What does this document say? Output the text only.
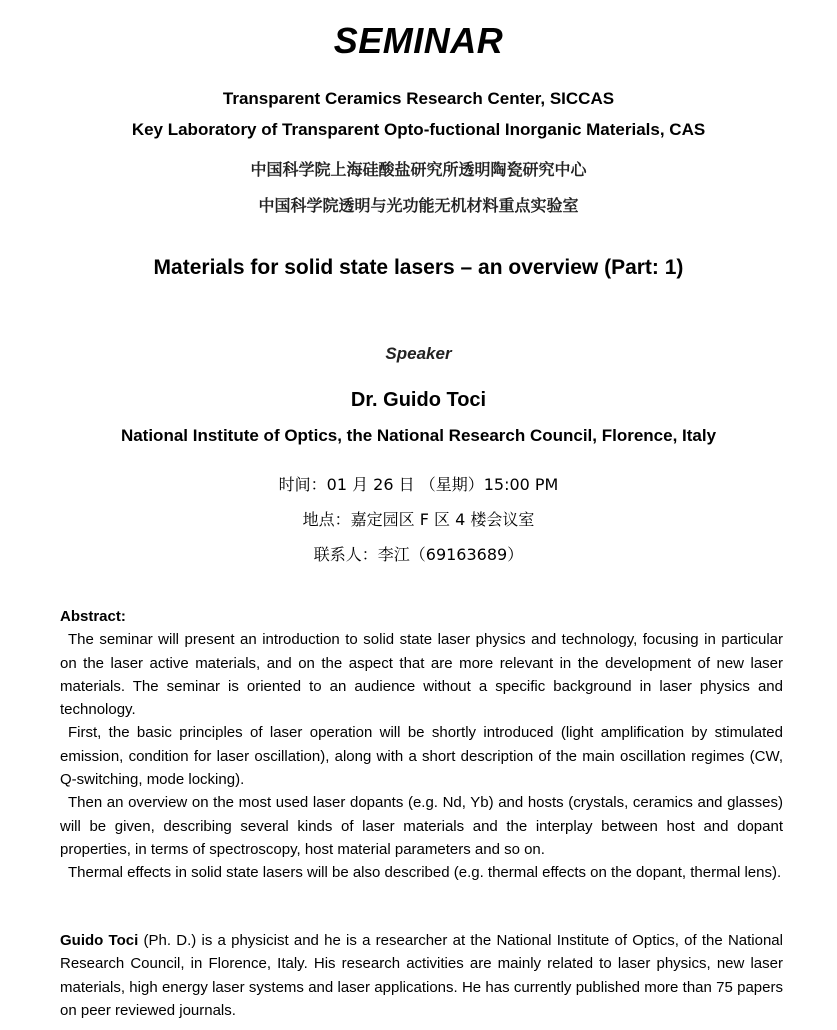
SEMINAR
Transparent Ceramics Research Center, SICCAS
Key Laboratory of Transparent Opto-fuctional Inorganic Materials, CAS
中国科学院上海硅酸盐研究所透明陶瓷研究中心
中国科学院透明与光功能无机材料重点实验室
Materials for solid state lasers – an overview (Part: 1)
Speaker
Dr. Guido Toci
National Institute of Optics, the National Research Council, Florence, Italy
时间：01 月 26 日 （星期）15:00 PM
地点：嘉定园区 F 区 4 楼会议室
联系人：李江（69163689）
Abstract:

The seminar will present an introduction to solid state laser physics and technology, focusing in particular on the laser active materials, and on the aspect that are more relevant in the development of new laser materials. The seminar is oriented to an audience without a specific background in laser physics and technology.

First, the basic principles of laser operation will be shortly introduced (light amplification by stimulated emission, condition for laser oscillation), along with a short description of the main oscillation regimes (CW, Q-switching, mode locking).

Then an overview on the most used laser dopants (e.g. Nd, Yb) and hosts (crystals, ceramics and glasses) will be given, describing several kinds of laser materials and the interplay between host and dopant properties, in terms of spectroscopy, host material parameters and so on.

Thermal effects in solid state lasers will be also described (e.g. thermal effects on the dopant, thermal lens).

Guido Toci (Ph. D.) is a physicist and he is a researcher at the National Institute of Optics, of the National Research Council, in Florence, Italy. His research activities are mainly related to laser physics, new laser materials, high energy laser systems and laser applications. He has currently published more than 75 papers on peer reviewed journals.
